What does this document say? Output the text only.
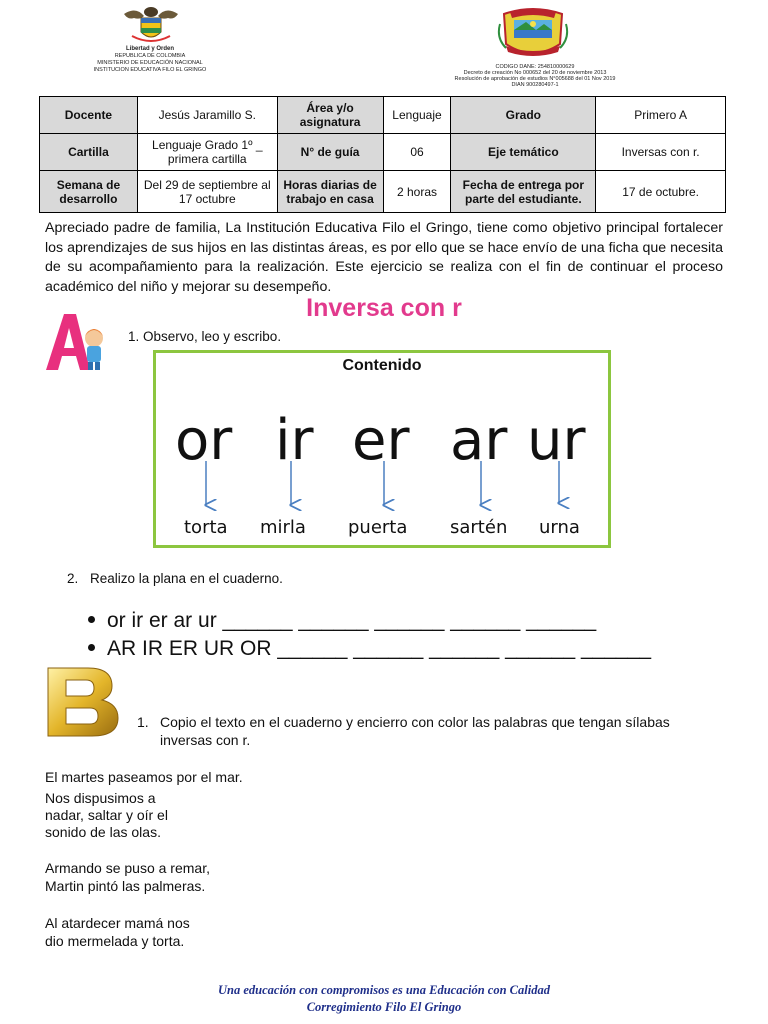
Libertad y Orden
REPUBLICA DE COLOMBIA
MINISTERIO DE EDUCACIÓN NACIONAL
INSTITUCION EDUCATIVA FILO EL GRINGO	CODIGO DANE: 254810000629
Decreto de creación No 000652 del 20 de noviembre 2013
Resolución de aprobación de estudios N°005688 del 01 Nov 2019
DIAN 900280497-1
Docente	Jesús Jaramillo S.	Área y/o asignatura	Lenguaje	Grado	Primero A
Cartilla	Lenguaje Grado 1º _ primera cartilla	N° de guía	06	Eje temático	Inversas con r.
Semana de desarrollo	Del 29 de septiembre al 17 octubre	Horas diarias de trabajo en casa	2 horas	Fecha de entrega por parte del estudiante.	17 de octubre.
Apreciado padre de familia, La Institución Educativa Filo el Gringo, tiene como objetivo principal fortalecer los aprendizajes de sus hijos en las distintas áreas, es por ello que se hace envío de una ficha que necesita de su acompañamiento para la realización. Este ejercicio se realiza con el fin de continuar el proceso académico del niño y mejorar su desempeño.
Inversa con r
1. Observo, leo y escribo.
Contenido
or ir er ar ur
torta mirla puerta sartén urna
2. Realizo la plana en el cuaderno.
or ir er ar ur ______ ______ ______ ______ ______
AR IR ER UR OR ______ ______ ______ ______ ______
1. Copio el texto en el cuaderno y encierro con color las palabras que tengan sílabas
inversas con r.
El martes paseamos por el mar.
Nos dispusimos a
nadar, saltar y oír el
sonido de las olas.
Armando se puso a remar,
Martin pintó las palmeras.
Al atardecer mamá nos
dio mermelada y torta.
Una educación con compromisos es una Educación con Calidad
Corregimiento Filo El Gringo
